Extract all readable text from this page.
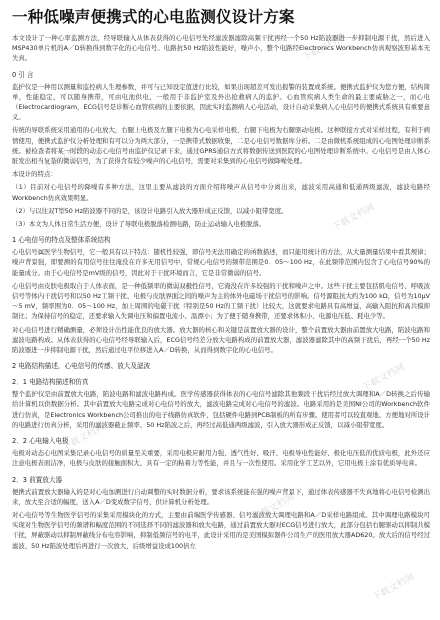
下载文档网
下载文档网
下载文档网
下载文档网
下载文档网
下载文档网
下载文档网
下载文档网
一种低噪声便携式的心电监测仪设计方案

本文设计了一种心率监测方法，经导联输入从体表获得的心电信号先经滤波器滤除高频干扰再经一个50 Hz陷波器进一步抑制电源干扰，然后进入MSP430单片机的A／D转换得到数字化的心电信号。电路抗50 Hz陷波性能好，噪声小，整个电路经Electronics Workbench仿真观察波形基本无失真。

0 引 言

监护仪是一种用以测量和监控病人生理参数，并可与已知设定值进行比较，如果出现超差可发出报警的装置或系统。便携式监护仪为您方便，结构简单，性能稳定，可以随身携带，可由电池供电，一般用于非监护室及外出抢救病人的监护。心血管疾病人类生命的最主要威胁之一，而心电（Electrocardiogram，ECG信号是诊断心血管疾病的主要依据，因此实时监测病人心电活动，设计自动采集病人心电信号的便携式系统具有重要意义。

传统的导联系统采用通用的心电放大，右腿上电极及左腿下电极为心电采样电极，右腿下电极为右腿驱动电极。这种联接方式对采样过程，有利于病情使用，便携式监护仪分析处理和有可以分为两大部分，一是携带式数据收集，二是心电信号数据库分析。二是由微机系统组成的心电图处理诊断系统。被检查者将某一时段的动态心电信号由监护仪记录下来，通过GPRS通信方式将数据传送到医院的心电图处理诊断系统中。心电信号是由人体心脏发出相当复杂的微弱信号，为了获得含有较少噪声的心电信号，需要对采集到的心电信号做降噪处理。

本设计的特点：

（1）目前对心电信号的降噪有多种方法，这里主要从滤波的方面介绍将噪声从信号中分离出来，滤波采用高通和低通两级滤波，滤波电路经Workbench仿真效果明显。

（2）与以往双T型50 Hz陷波器不同的是，该设计电路引入放大器形成正反馈，以减小阻带宽度。

（3）本文为人体日常生活方便，设计了导联电极脱落检测电路，防止运动输入电极脱落。

1 心电信号的特点及整体系统结构

心电信号属医学生物信号，它一般具有以下特点：随机性较强，即信号无法用确定的函数描述，而只能用统计的方法，从大量测量结果中看其规律；噪声背景强，即要测的有用信号往往淹没在许多无用信号中，常规心电信号的频带范围是0．05～100 Hz，在此频带范围内包含了心电信号90%的能量成分。由于心电信号是mV级的信号，因此对于干扰环境而言，它是非常微弱的信号。

心电信号由皮肤电极取自于人体表面，是一种低频率的微弱双极性信号，它淹没在许多较强的干扰和噪声之中。这些干扰主要包括肌电信号、呼吸波信号等体内干扰信号和以50 Hz工频干扰、电极与皮肤界面之间的噪声为主的体外电磁场干扰信号的影响。信号源阻抗大约为100 kΩ，信号为10μV～5 mV，频率围为0．05～100 Hz，加上周围的电磁干扰（特别是50 Hz的工频干扰）比较大，这就要求电路具有高增益、高输入阻抗和高共模抑制比；为保持信号的稳定，还要求输入失调电压和偏置电流小、温漂小；为了便于随身携带，还要求体积小、电源电压低、耗电少等。

对心电信号进行精确测量，必须设计出性能优良的放大器。放大器的核心和关键是前置放大器的设计，整个前置放大器由前置放大电路，陷波电路和滤波电路构成。从体表获得的心电信号经导联输入后，ECG信号经差分放大电路构成的前置放大器，滤波器滤除其中的高频干扰后，再经一个50 Hz陷波器进一步抑制电源干扰，然后通过电平位移进入A／D转换，从而得到数字化的心电信号。

2 电路结构描述，心电信号的传感、放大及滤波
2．1 电路结构描述和仿真

整个监护仪是由前置放大电路，陷波电路和滤波电路构成。医学传感器获得体表的心电信号滤除其他频段干扰后经过放大调理和A／D转换之后传输给计算机以供数据分析。其中前置放大电路完成对心电信号的放大，滤波电路完成对心电信号的滤波。电路采用的是美国NI公司的Workbench软件进行仿真，是Electronics Workbench公司推出的电子线路仿真软件，包括硬件电路到PCB制板的所有步骤。使用者可以较直观地、方便地对所设计的电路进行仿真分析，采用的滤波器截止频率、50 Hz陷波之后，再经过高低通两级滤波，引入放大器形成正反馈，以减小阻带宽度。

2．2 心电输入电极

电极对动态心电图采集记录心电信号的质量至关重要，采用电极应耐用力强、透气性好、吸汗、电极导电性能好、极化电压低的优质电极，此外还应注意电极表面洁净，电极与皮肤的接触面积大、具有一定的粘着力等性能，并且与一次性使用。采用化学工艺以外，它用电极上涂有优质导电膏。

2．3 前置放大器

便携式前置放大器输入的是对心电加测进行自动调整的实时数据分析，要求该系统能在强的噪声背景下，通过体表传感器不失真地将心电信号检测出来，放大至合适的幅度，送入A／D变成数字信号，供计算机分析处理。

对心电信号等生物医学信号的采集采用模块化的方式，主要由前端医学传感器、信号滤波放大调理电路和A／D采样电路组成。其中调理电路模块可实现对生物医学信号的频谱和幅度范围的不同选择不同的滤波器和放大电路，通过前置放大器对ECG信号进行放大，此部分包括右腿驱动以抑制共模干扰，屏蔽驱动以抑制屏蔽线分布电容影响，抑制低频信号的电平，此设计采用的是美国模拟器件公司生产的医用放大器AD620。放大后的信号经过滤波、50 Hz陷波处理后再进行一次放大，后级增益设成100倍左
